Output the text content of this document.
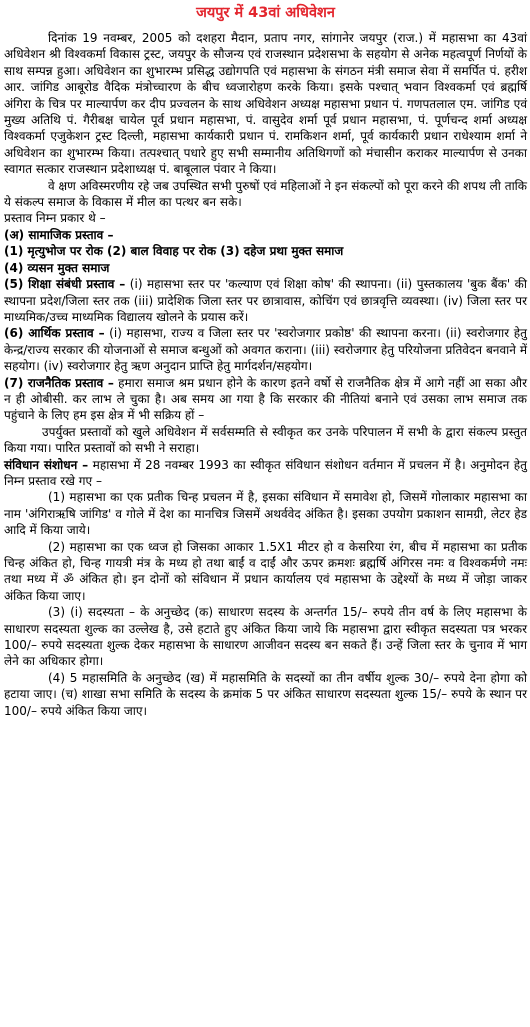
जयपुर में 43वां अधिवेशन

दिनांक 19 नवम्बर, 2005 को दशहरा मैदान, प्रताप नगर, सांगानेर जयपुर (राज.) में महासभा का 43वां अधिवेशन श्री विश्वकर्मा विकास ट्रस्ट, जयपुर के सौजन्य एवं राजस्थान प्रदेशसभा के सहयोग से अनेक महत्वपूर्ण निर्णयों के साथ सम्पन्न हुआ। अधिवेशन का शुभारम्भ प्रसिद्ध उद्योगपति एवं महासभा के संगठन मंत्री समाज सेवा में समर्पित पं. हरीश आर. जांगिड आबूरोड वैदिक मंत्रोच्चारण के बीच ध्वजारोहण करके किया। इसके पश्चात् भवान विश्वकर्मा एवं ब्रह्मर्षि अंगिरा के चित्र पर माल्यार्पण कर दीप प्रज्वलन के साथ अधिवेशन अध्यक्ष महासभा प्रधान पं. गणपतलाल एम. जांगिड एवं मुख्य अतिथि पं. गैरीबक्ष चायेल पूर्व प्रधान महासभा, पं. वासुदेव शर्मा पूर्व प्रधान महासभा, पं. पूर्णचन्द शर्मा अध्यक्ष विश्वकर्मा एजुकेशन ट्रस्ट दिल्ली, महासभा कार्यकारी प्रधान पं. रामकिशन शर्मा, पूर्व कार्यकारी प्रधान राधेश्याम शर्मा ने अधिवेशन का शुभारम्भ किया। तत्पश्चात् पधारे हुए सभी सम्मानीय अतिथिगणों को मंचासीन कराकर माल्यार्पण से उनका स्वागत सत्कार राजस्थान प्रदेशाध्यक्ष पं. बाबूलाल पंवार ने किया।

वे क्षण अविस्मरणीय रहे जब उपस्थित सभी पुरुषों एवं महिलाओं ने इन संकल्पों को पूरा करने की शपथ ली ताकि ये संकल्प समाज के विकास में मील का पत्थर बन सके।

प्रस्ताव निम्न प्रकार थे –

(अ) सामाजिक प्रस्ताव –

(1) मृत्युभोज पर रोक (2) बाल विवाह पर रोक (3) दहेज प्रथा मुक्त समाज

(4) व्यसन मुक्त समाज

(5) शिक्षा संबंधी प्रस्ताव – (i) महासभा स्तर पर 'कल्याण एवं शिक्षा कोष' की स्थापना। (ii) पुस्तकालय 'बुक बैंक' की स्थापना प्रदेश/जिला स्तर तक (iii) प्रादेशिक जिला स्तर पर छात्रावास, कोचिंग एवं छात्रवृत्ति व्यवस्था। (iv) जिला स्तर पर माध्यमिक/उच्च माध्यमिक विद्यालय खोलने के प्रयास करें।

(6) आर्थिक प्रस्ताव – (i) महासभा, राज्य व जिला स्तर पर 'स्वरोजगार प्रकोष्ठ' की स्थापना करना। (ii) स्वरोजगार हेतु केन्द्र/राज्य सरकार की योजनाओं से समाज बन्धुओं को अवगत कराना। (iii) स्वरोजगार हेतु परियोजना प्रतिवेदन बनवाने में सहयोग। (iv) स्वरोजगार हेतु ऋण अनुदान प्राप्ति हेतु मार्गदर्शन/सहयोग।

(7) राजनैतिक प्रस्ताव – हमारा समाज श्रम प्रधान होने के कारण इतने वर्षो से राजनैतिक क्षेत्र में आगे नहीं आ सका और न ही ओबीसी. कर लाभ ले चुका है। अब समय आ गया है कि सरकार की नीतियां बनाने एवं उसका लाभ समाज तक पहुंचाने के लिए हम इस क्षेत्र में भी सक्रिय हों –

उपर्युक्त प्रस्तावों को खुले अधिवेशन में सर्वसम्मति से स्वीकृत कर उनके परिपालन में सभी के द्वारा संकल्प प्रस्तुत किया गया। पारित प्रस्तावों को सभी ने सराहा।

संविधान संशोधन – महासभा में 28 नवम्बर 1993 का स्वीकृत संविधान संशोधन वर्तमान में प्रचलन में है। अनुमोदन हेतु निम्न प्रस्ताव रखे गए –

(1) महासभा का एक प्रतीक चिन्ह प्रचलन में है, इसका संविधान में समावेश हो, जिसमें गोलाकार महासभा का नाम 'अंगिराऋषि जांगिड' व गोले में देश का मानचित्र जिसमें अथर्ववेद अंकित है। इसका उपयोग प्रकाशन सामग्री, लेटर हेड आदि में किया जाये।

(2) महासभा का एक ध्वज हो जिसका आकार 1.5X1 मीटर हो व केसरिया रंग, बीच में महासभा का प्रतीक चिन्ह अंकित हो, चिन्ह गायत्री मंत्र के मध्य हो तथा बाईं व दाईं और ऊपर क्रमशः ब्रह्मर्षि अंगिरस नमः व विश्वकर्मणे नमः तथा मध्य में ॐ अंकित हो। इन दोनों को संविधान में प्रधान कार्यालय एवं महासभा के उद्देश्यों के मध्य में जोड़ा जाकर अंकित किया जाए।

(3) (i) सदस्यता – के अनुच्छेद (क) साधारण सदस्य के अन्तर्गत 15/– रुपये तीन वर्ष के लिए महासभा के साधारण सदस्यता शुल्क का उल्लेख है, उसे हटाते हुए अंकित किया जाये कि महासभा द्वारा स्वीकृत सदस्यता पत्र भरकर 100/– रुपये सदस्यता शुल्क देकर महासभा के साधारण आजीवन सदस्य बन सकते हैं। उन्हें जिला स्तर के चुनाव में भाग लेने का अधिकार होगा।

(4) 5 महासमिति के अनुच्छेद (ख) में महासमिति के सदस्यों का तीन वर्षीय शुल्क 30/– रुपये देना होगा को हटाया जाए। (च) शाखा सभा समिति के सदस्य के क्रमांक 5 पर अंकित साधारण सदस्यता शुल्क 15/– रुपये के स्थान पर 100/– रुपये अंकित किया जाए।
